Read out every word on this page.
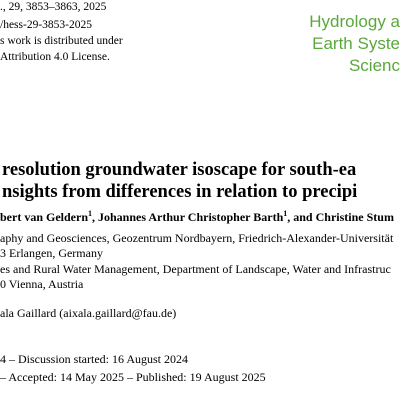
., 29, 3853–3863, 2025
/hess-29-3853-2025
s work is distributed under
Attribution 4.0 License.
Hydrology a
Earth Syste
Scienc
resolution groundwater isoscape for south-ea
nsights from differences in relation to precipi
bert van Geldern$^1$, Johannes Arthur Christopher Barth$^1$, and Christine Stum
aphy and Geosciences, Geozentrum Nordbayern, Friedrich-Alexander-Universität
3 Erlangen, Germany
es and Rural Water Management, Department of Landscape, Water and Infrastruc
0 Vienna, Austria
ala Gaillard (aixala.gaillard@fau.de)
4 – Discussion started: 16 August 2024
– Accepted: 14 May 2025 – Published: 19 August 2025
